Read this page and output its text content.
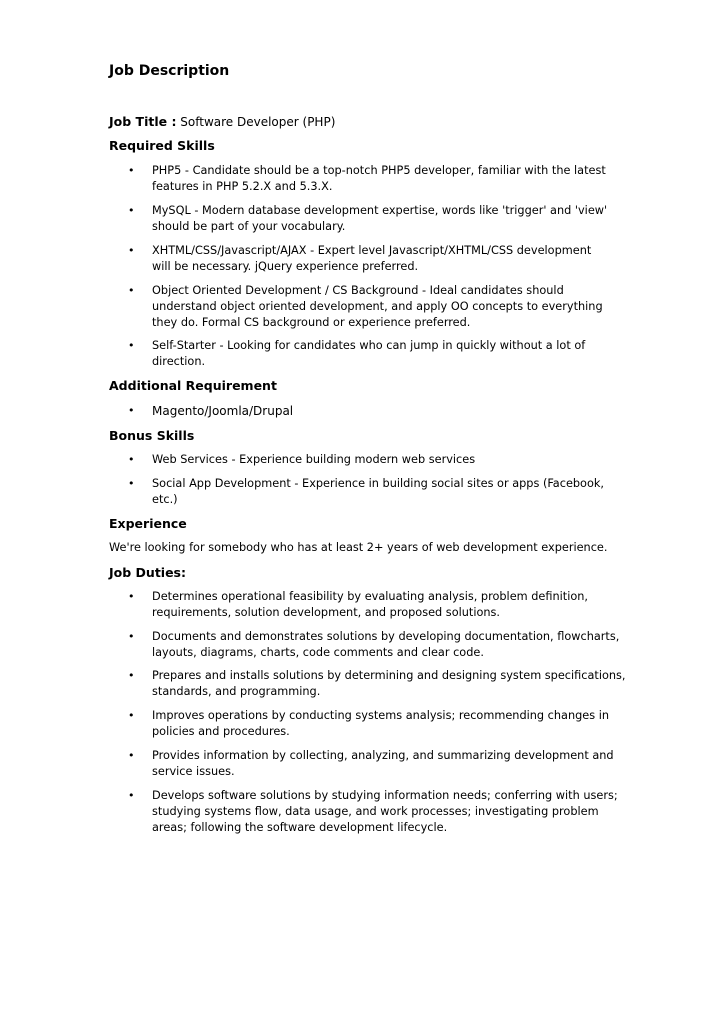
Job Description
Job Title : Software Developer (PHP)
Required Skills
•	PHP5 - Candidate should be a top-notch PHP5 developer, familiar with the latest
features in PHP 5.2.X and 5.3.X.
•	MySQL - Modern database development expertise, words like 'trigger' and 'view'
should be part of your vocabulary.
•	XHTML/CSS/Javascript/AJAX - Expert level Javascript/XHTML/CSS development
will be necessary. jQuery experience preferred.
•	Object Oriented Development / CS Background - Ideal candidates should
understand object oriented development, and apply OO concepts to everything
they do. Formal CS background or experience preferred.
•	Self-Starter - Looking for candidates who can jump in quickly without a lot of
direction.
Additional Requirement
•	Magento/Joomla/Drupal
Bonus Skills
•	Web Services - Experience building modern web services
•	Social App Development - Experience in building social sites or apps (Facebook,
etc.)
Experience

We're looking for somebody who has at least 2+ years of web development experience.

Job Duties:
•	Determines operational feasibility by evaluating analysis, problem definition,
requirements, solution development, and proposed solutions.
•	Documents and demonstrates solutions by developing documentation, flowcharts,
layouts, diagrams, charts, code comments and clear code.
•	Prepares and installs solutions by determining and designing system specifications,
standards, and programming.
•	Improves operations by conducting systems analysis; recommending changes in
policies and procedures.
•	Provides information by collecting, analyzing, and summarizing development and
service issues.
•	Develops software solutions by studying information needs; conferring with users;
studying systems flow, data usage, and work processes; investigating problem
areas; following the software development lifecycle.
